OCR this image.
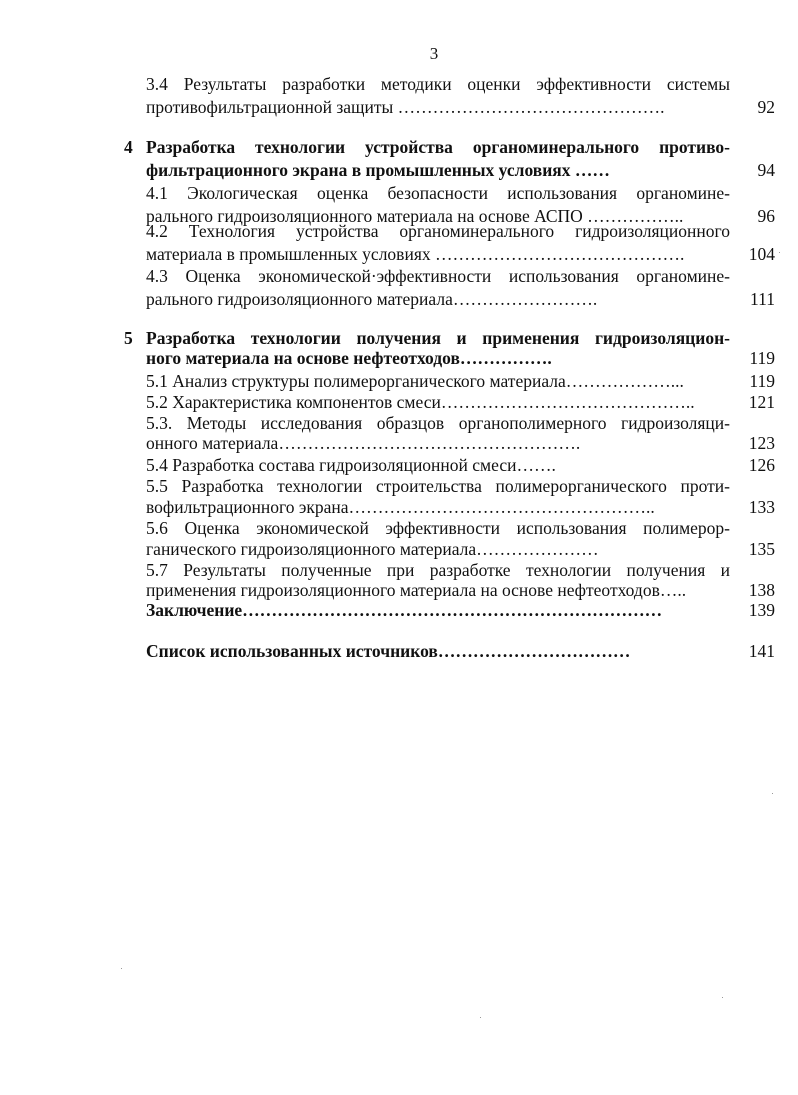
3
3.4 Результаты разработки методики оценки эффективности системы
противофильтрационной защиты ……………………………………….	92
4 Разработка технологии устройства органоминерального противо-
фильтрационного экрана в промышленных условиях ……	94
4.1 Экологическая оценка безопасности использования органомине-
рального гидроизоляционного материала на основе АСПО ……………..	96
4.2 Технология устройства органоминерального гидроизоляционного
материала в промышленных условиях …………………………………….	104
4.3 Оценка экономической·эффективности использования органомине-
рального гидроизоляционного материала…………………….	111
5 Разработка технологии получения и применения гидроизоляцион-
ного материала на основе нефтеотходов…………….	119
5.1 Анализ структуры полимерорганического материала………………...	119
5.2 Характеристика компонентов смеси……………………………………..	121
5.3. Методы исследования образцов органополимерного гидроизоляци-
онного материала…………………………………………….	123
5.4 Разработка состава гидроизоляционной смеси…….	126
5.5 Разработка технологии строительства полимерорганического проти-
вофильтрационного экрана……………………………………………..	133
5.6 Оценка экономической эффективности использования полимерор-
ганического гидроизоляционного материала…………………	135
5.7 Результаты полученные при разработке технологии получения и
применения гидроизоляционного материала на основе нефтеотходов…..	138
Заключение………………………………………………………………	139
Список использованных источников……………………………	141
